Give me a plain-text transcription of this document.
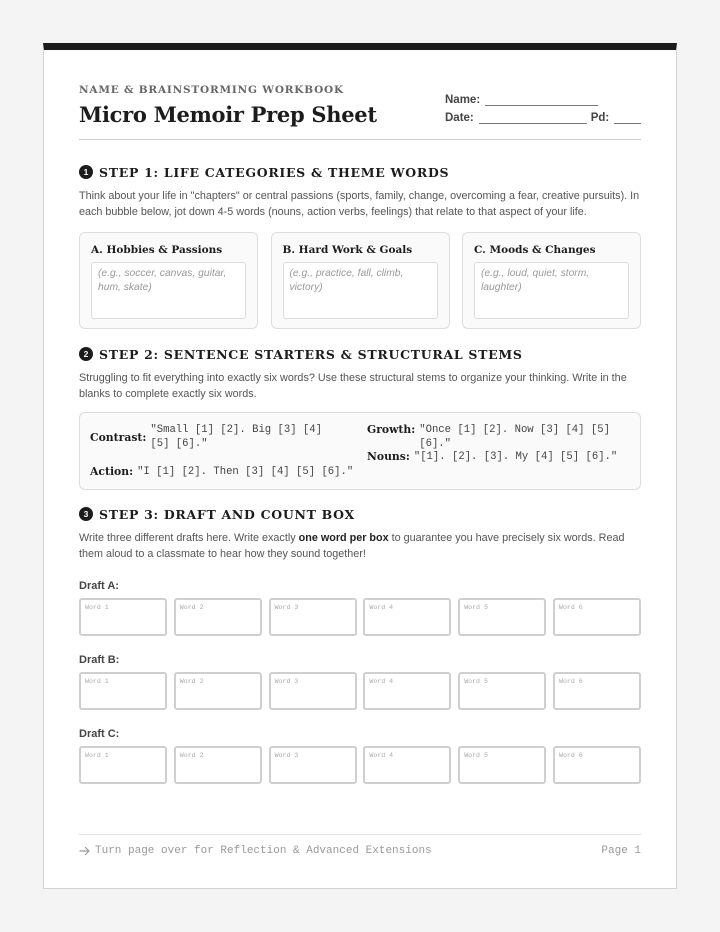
NAME & BRAINSTORMING WORKBOOK
Micro Memoir Prep Sheet
Name:
Date:	Pd:
1 STEP 1: LIFE CATEGORIES & THEME WORDS
Think about your life in "chapters" or central passions (sports, family, change, overcoming a fear, creative pursuits). In each bubble below, jot down 4-5 words (nouns, action verbs, feelings) that relate to that aspect of your life.
A. Hobbies & Passions
(e.g., soccer, canvas, guitar, hum, skate)
B. Hard Work & Goals
(e.g., practice, fall, climb, victory)
C. Moods & Changes
(e.g., loud, quiet, storm, laughter)
2 STEP 2: SENTENCE STARTERS & STRUCTURAL STEMS
Struggling to fit everything into exactly six words? Use these structural stems to organize your thinking. Write in the blanks to complete exactly six words.
Contrast:
"Small [1] [2]. Big [3] [4] [5] [6]."
Action: "I [1] [2]. Then [3] [4] [5] [6]."
Growth: "Once [1] [2]. Now [3] [4] [5] [6]."
Nouns: "[1]. [2]. [3]. My [4] [5] [6]."
3 STEP 3: DRAFT AND COUNT BOX
Write three different drafts here. Write exactly one word per box to guarantee you have precisely six words. Read them aloud to a classmate to hear how they sound together!
Draft A:
Word 1	Word 2	Word 3	Word 4	Word 5	Word 6
Draft B:
Word 1	Word 2	Word 3	Word 4	Word 5	Word 6
Draft C:
Word 1	Word 2	Word 3	Word 4	Word 5	Word 6
Turn page over for Reflection & Advanced Extensions	Page 1
